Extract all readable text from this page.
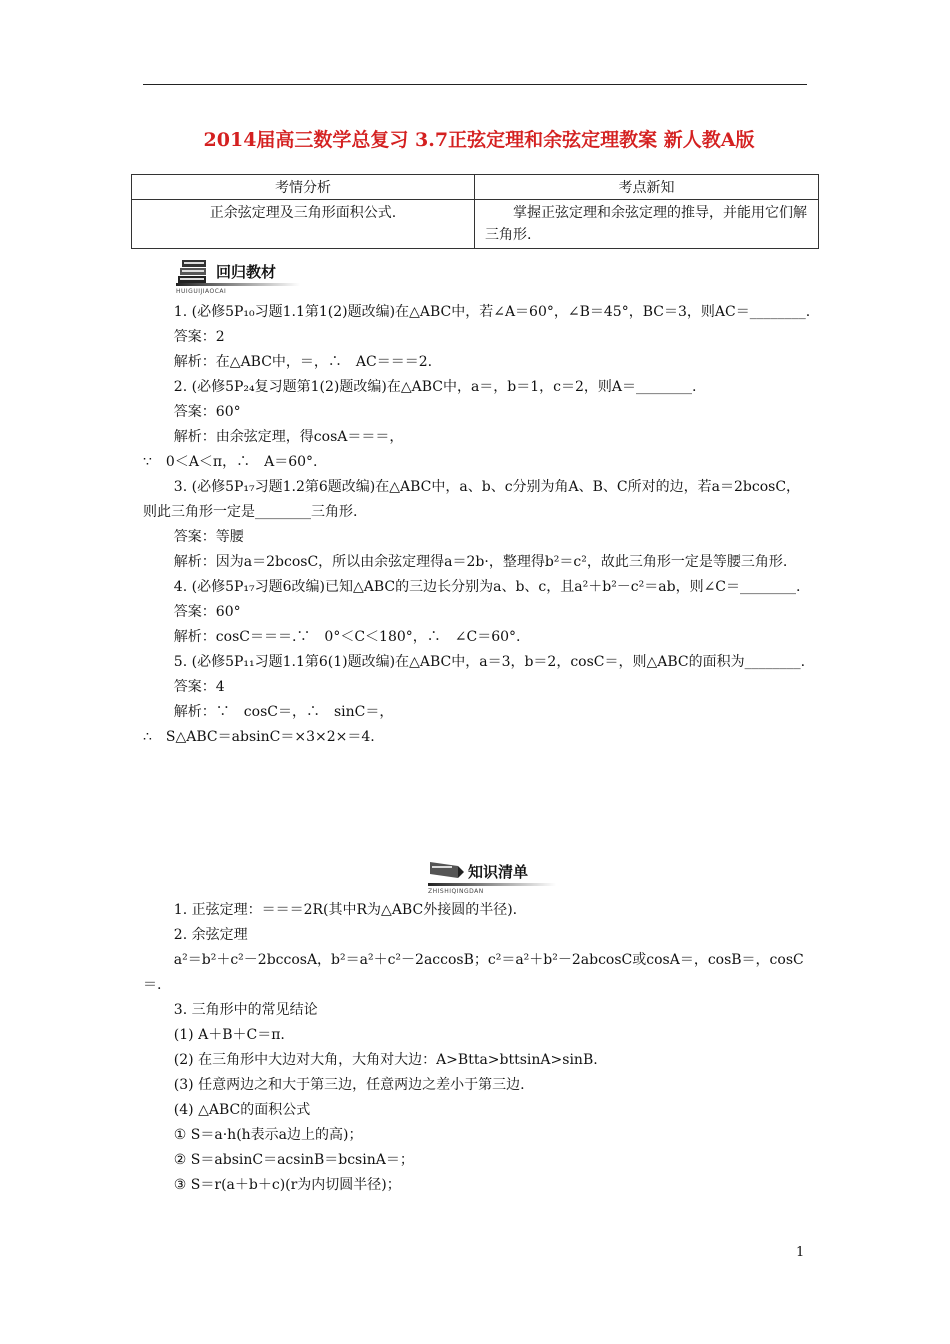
2014届高三数学总复习 3.7正弦定理和余弦定理教案 新人教A版
考情分析	考点新知
正余弦定理及三角形面积公式.	掌握正弦定理和余弦定理的推导，并能用它们解三角形.
回归教材
HUIGUIJIAOCAI

1. (必修5P₁₀习题1.1第1(2)题改编)在△ABC中，若∠A＝60°，∠B＝45°，BC＝3，则AC＝________.

答案：2

解析：在△ABC中，＝，∴　AC＝＝＝2.

2. (必修5P₂₄复习题第1(2)题改编)在△ABC中，a＝，b＝1，c＝2，则A＝________.

答案：60°

解析：由余弦定理，得cosA＝＝＝，

∵　0＜A＜π，∴　A＝60°.

3. (必修5P₁₇习题1.2第6题改编)在△ABC中，a、b、c分别为角A、B、C所对的边，若a＝2bcosC，则此三角形一定是________三角形.

答案：等腰

解析：因为a＝2bcosC，所以由余弦定理得a＝2b·，整理得b²＝c²，故此三角形一定是等腰三角形.

4. (必修5P₁₇习题6改编)已知△ABC的三边长分别为a、b、c，且a²＋b²－c²＝ab，则∠C＝________.

答案：60°

解析：cosC＝＝＝.∵　0°＜C＜180°，∴　∠C＝60°.

5. (必修5P₁₁习题1.1第6(1)题改编)在△ABC中，a＝3，b＝2，cosC＝，则△ABC的面积为________.

答案：4

解析：∵　cosC＝，∴　sinC＝，

∴　S△ABC＝absinC＝×3×2×＝4.

知识清单
ZHISHIQINGDAN

1. 正弦定理：＝＝＝2R(其中R为△ABC外接圆的半径).

2. 余弦定理

a²＝b²＋c²－2bccosA，b²＝a²＋c²－2accosB；c²＝a²＋b²－2abcosC或cosA＝，cosB＝，cosC＝.

3. 三角形中的常见结论

(1) A＋B＋C＝π.

(2) 在三角形中大边对大角，大角对大边：A>Btta>bttsinA>sinB.

(3) 任意两边之和大于第三边，任意两边之差小于第三边.

(4) △ABC的面积公式

① S＝a·h(h表示a边上的高)；

② S＝absinC＝acsinB＝bcsinA＝；

③ S＝r(a＋b＋c)(r为内切圆半径)；

1
